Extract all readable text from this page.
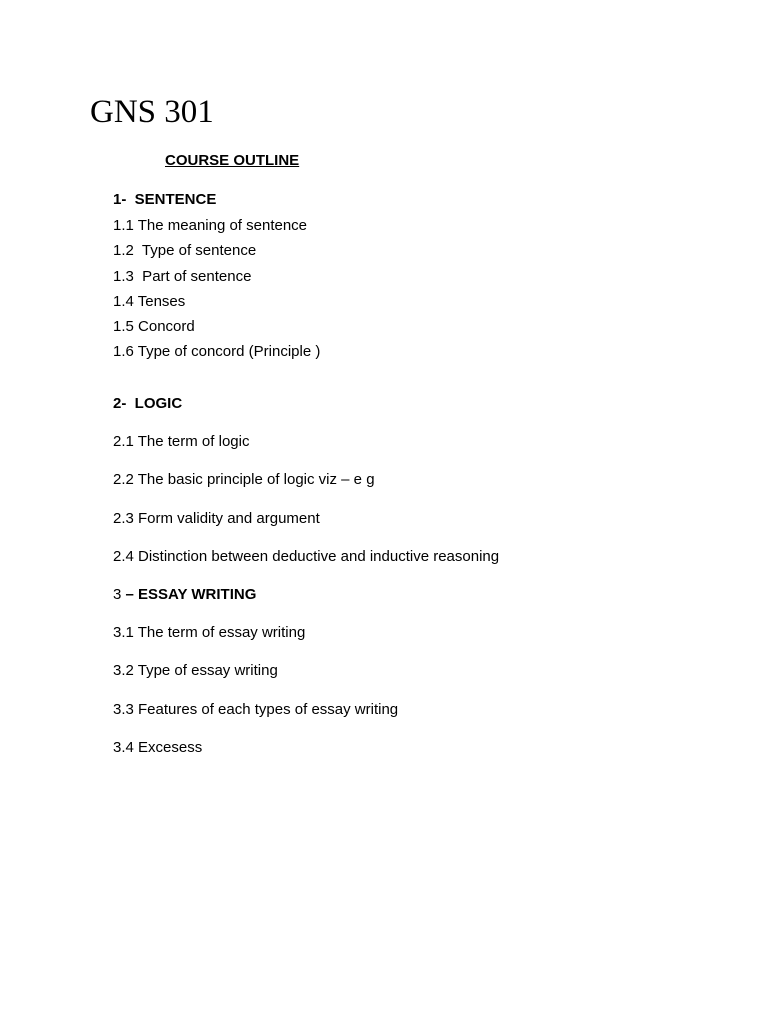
GNS 301
COURSE OUTLINE
1-  SENTENCE
1.1 The meaning of sentence
1.2  Type of sentence
1.3  Part of sentence
1.4 Tenses
1.5 Concord
1.6 Type of concord (Principle )
2-  LOGIC
2.1 The term of logic
2.2 The basic principle of logic viz – e g
2.3 Form validity and argument
2.4 Distinction between deductive and inductive reasoning
3 – ESSAY WRITING
3.1 The term of essay writing
3.2 Type of essay writing
3.3 Features of each types of essay writing
3.4 Excesess
